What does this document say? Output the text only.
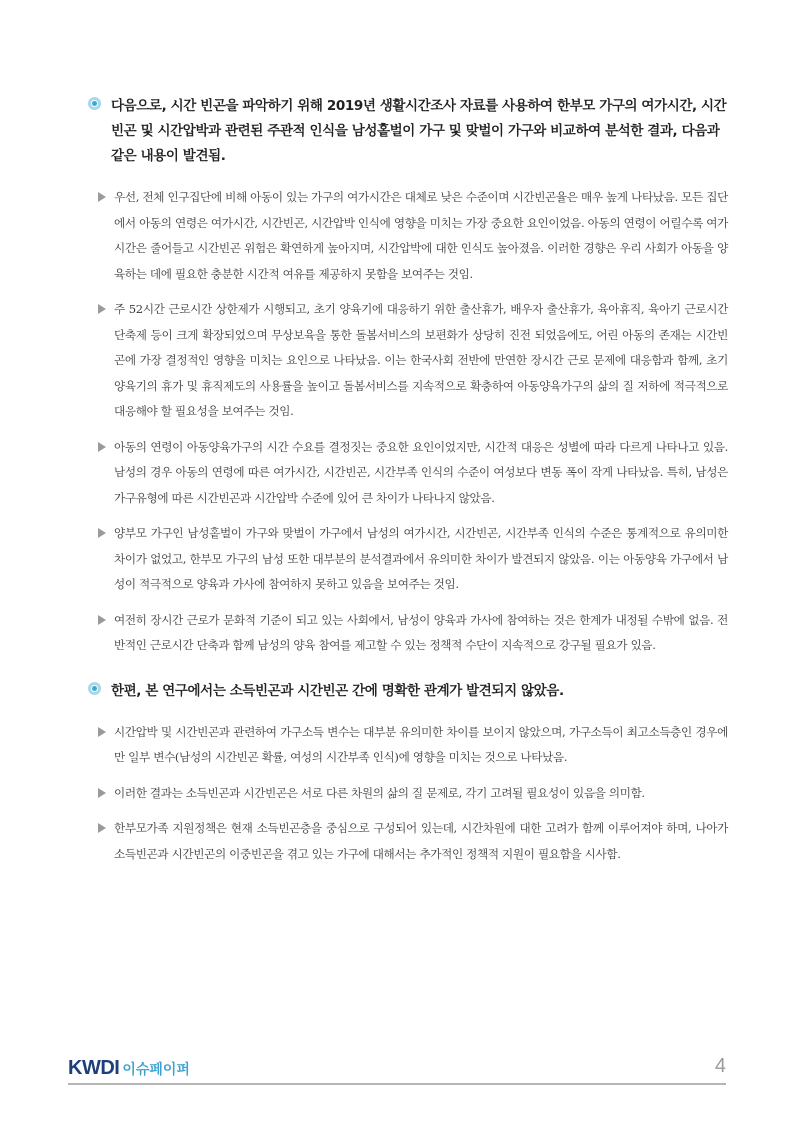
다음으로, 시간 빈곤을 파악하기 위해 2019년 생활시간조사 자료를 사용하여 한부모 가구의 여가시간, 시간빈곤 및 시간압박과 관련된 주관적 인식을 남성홑벌이 가구 및 맞벌이 가구와 비교하여 분석한 결과, 다음과 같은 내용이 발견됨.
우선, 전체 인구집단에 비해 아동이 있는 가구의 여가시간은 대체로 낮은 수준이며 시간빈곤율은 매우 높게 나타났음. 모든 집단에서 아동의 연령은 여가시간, 시간빈곤, 시간압박 인식에 영향을 미치는 가장 중요한 요인이었음. 아동의 연령이 어릴수록 여가시간은 줄어들고 시간빈곤 위험은 확연하게 높아지며, 시간압박에 대한 인식도 높아졌음. 이러한 경향은 우리 사회가 아동을 양육하는 데에 필요한 충분한 시간적 여유를 제공하지 못함을 보여주는 것임.
주 52시간 근로시간 상한제가 시행되고, 초기 양육기에 대응하기 위한 출산휴가, 배우자 출산휴가, 육아휴직, 육아기 근로시간 단축제 등이 크게 확장되었으며 무상보육을 통한 돌봄서비스의 보편화가 상당히 진전 되었음에도, 어린 아동의 존재는 시간빈곤에 가장 결정적인 영향을 미치는 요인으로 나타났음. 이는 한국사회 전반에 만연한 장시간 근로 문제에 대응함과 함께, 초기 양육기의 휴가 및 휴직제도의 사용률을 높이고 돌봄서비스를 지속적으로 확충하여 아동양육가구의 삶의 질 저하에 적극적으로 대응해야 할 필요성을 보여주는 것임.
아동의 연령이 아동양육가구의 시간 수요를 결정짓는 중요한 요인이었지만, 시간적 대응은 성별에 따라 다르게 나타나고 있음. 남성의 경우 아동의 연령에 따른 여가시간, 시간빈곤, 시간부족 인식의 수준이 여성보다 변동 폭이 작게 나타났음. 특히, 남성은 가구유형에 따른 시간빈곤과 시간압박 수준에 있어 큰 차이가 나타나지 않았음.
양부모 가구인 남성홑벌이 가구와 맞벌이 가구에서 남성의 여가시간, 시간빈곤, 시간부족 인식의 수준은 통계적으로 유의미한 차이가 없었고, 한부모 가구의 남성 또한 대부분의 분석결과에서 유의미한 차이가 발견되지 않았음. 이는 아동양육 가구에서 남성이 적극적으로 양육과 가사에 참여하지 못하고 있음을 보여주는 것임.
여전히 장시간 근로가 문화적 기준이 되고 있는 사회에서, 남성이 양육과 가사에 참여하는 것은 한계가 내정될 수밖에 없음. 전반적인 근로시간 단축과 함께 남성의 양육 참여를 제고할 수 있는 정책적 수단이 지속적으로 강구될 필요가 있음.
한편, 본 연구에서는 소득빈곤과 시간빈곤 간에 명확한 관계가 발견되지 않았음.
시간압박 및 시간빈곤과 관련하여 가구소득 변수는 대부분 유의미한 차이를 보이지 않았으며, 가구소득이 최고소득층인 경우에만 일부 변수(남성의 시간빈곤 확률, 여성의 시간부족 인식)에 영향을 미치는 것으로 나타났음.
이러한 결과는 소득빈곤과 시간빈곤은 서로 다른 차원의 삶의 질 문제로, 각기 고려될 필요성이 있음을 의미함.
한부모가족 지원정책은 현재 소득빈곤층을 중심으로 구성되어 있는데, 시간차원에 대한 고려가 함께 이루어져야 하며, 나아가 소득빈곤과 시간빈곤의 이중빈곤을 겪고 있는 가구에 대해서는 추가적인 정책적 지원이 필요함을 시사함.
KWDI 이슈페이퍼	4
